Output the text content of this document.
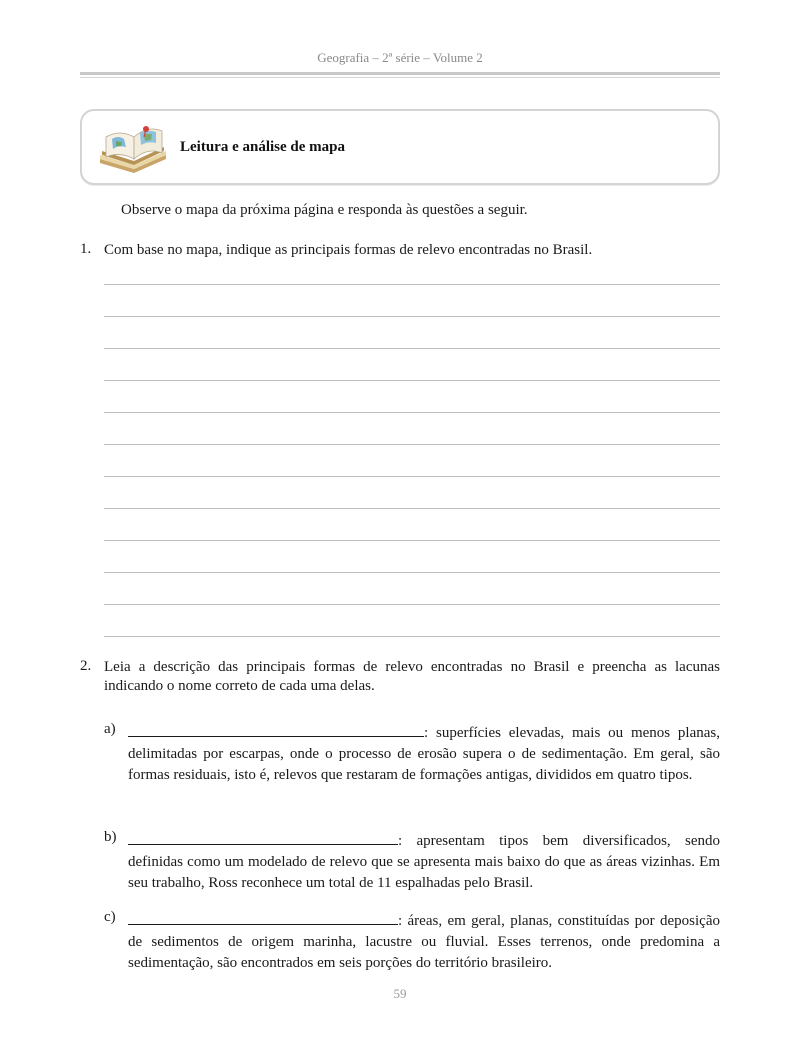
Geografia – 2ª série – Volume 2
Leitura e análise de mapa
Observe o mapa da próxima página e responda às questões a seguir.
1. Com base no mapa, indique as principais formas de relevo encontradas no Brasil.
2. Leia a descrição das principais formas de relevo encontradas no Brasil e preencha as lacunas indicando o nome correto de cada uma delas.
a)	: superfícies elevadas, mais ou menos planas, delimitadas por escarpas, onde o processo de erosão supera o de sedimentação. Em geral, são formas residuais, isto é, relevos que restaram de formações antigas, divididos em quatro tipos.
b)	: apresentam tipos bem diversificados, sendo definidas como um modelado de relevo que se apresenta mais baixo do que as áreas vizinhas. Em seu trabalho, Ross reconhece um total de 11 espalhadas pelo Brasil.
c)	: áreas, em geral, planas, constituídas por deposição de sedimentos de origem marinha, lacustre ou fluvial. Esses terrenos, onde predomina a sedimentação, são encontrados em seis porções do território brasileiro.
59
